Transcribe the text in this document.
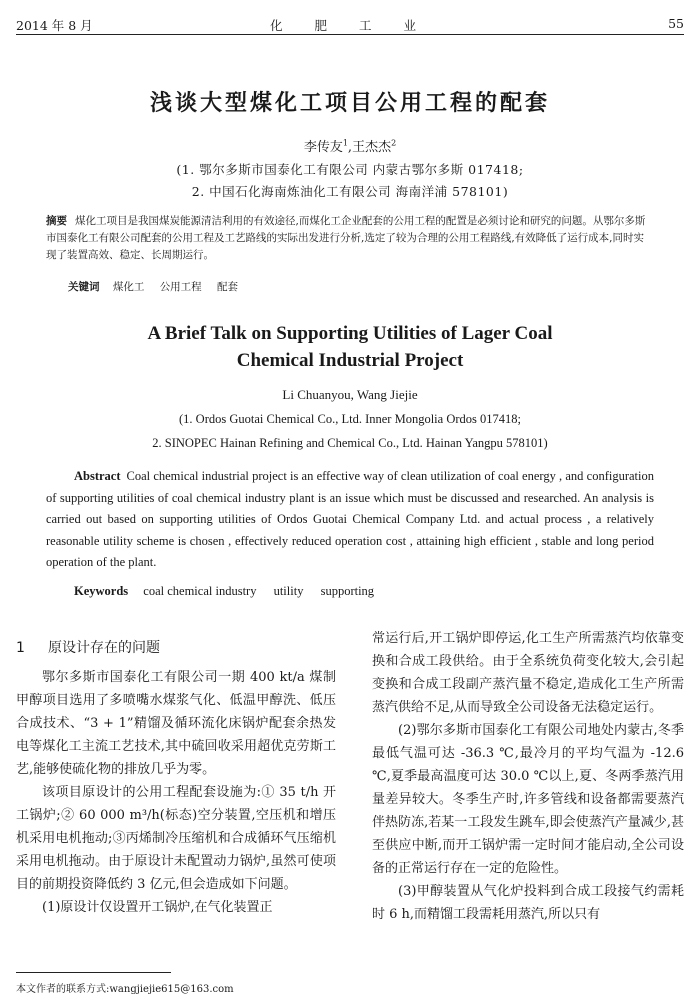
2014 年 8 月	化 肥 工 业	55
浅谈大型煤化工项目公用工程的配套
李传友$^1$,王杰杰$^2$
(1. 鄂尔多斯市国泰化工有限公司 内蒙古鄂尔多斯 017418;
2. 中国石化海南炼油化工有限公司 海南洋浦 578101)
摘要 煤化工项目是我国煤炭能源清洁利用的有效途径,而煤化工企业配套的公用工程的配置是必须讨论和研究的问题。从鄂尔多斯市国泰化工有限公司配套的公用工程及工艺路线的实际出发进行分析,选定了较为合理的公用工程路线,有效降低了运行成本,同时实现了装置高效、稳定、长周期运行。
关键词 煤化工 公用工程 配套
A Brief Talk on Supporting Utilities of Lager Coal
Chemical Industrial Project
Li Chuanyou, Wang Jiejie
(1. Ordos Guotai Chemical Co., Ltd. Inner Mongolia Ordos 017418;
2. SINOPEC Hainan Refining and Chemical Co., Ltd. Hainan Yangpu 578101)
Abstract Coal chemical industrial project is an effective way of clean utilization of coal energy , and configuration of supporting utilities of coal chemical industry plant is an issue which must be discussed and researched. An analysis is carried out based on supporting utilities of Ordos Guotai Chemical Company Ltd. and actual process , a relatively reasonable utility scheme is chosen , effectively reduced operation cost , attaining high efficient , stable and long period operation of the plant.
Keywords coal chemical industry utility supporting
1 原设计存在的问题

鄂尔多斯市国泰化工有限公司一期 400 kt/a 煤制甲醇项目选用了多喷嘴水煤浆气化、低温甲醇洗、低压合成技术、“3 + 1”精馏及循环流化床锅炉配套余热发电等煤化工主流工艺技术,其中硫回收采用超优克劳斯工艺,能够使硫化物的排放几乎为零。

该项目原设计的公用工程配套设施为:① 35 t/h 开工锅炉;② 60 000 m³/h(标态)空分装置,空压机和增压机采用电机拖动;③丙烯制冷压缩机和合成循环气压缩机采用电机拖动。由于原设计未配置动力锅炉,虽然可使项目的前期投资降低约 3 亿元,但会造成如下问题。

(1)原设计仅设置开工锅炉,在气化装置正

常运行后,开工锅炉即停运,化工生产所需蒸汽均依靠变换和合成工段供给。由于全系统负荷变化较大,会引起变换和合成工段副产蒸汽量不稳定,造成化工生产所需蒸汽供给不足,从而导致全公司设备无法稳定运行。

(2)鄂尔多斯市国泰化工有限公司地处内蒙古,冬季最低气温可达 -36.3 ℃,最冷月的平均气温为 -12.6 ℃,夏季最高温度可达 30.0 ℃以上,夏、冬两季蒸汽用量差异较大。冬季生产时,许多管线和设备都需要蒸汽伴热防冻,若某一工段发生跳车,即会使蒸汽产量减少,甚至供应中断,而开工锅炉需一定时间才能启动,全公司设备的正常运行存在一定的危险性。

(3)甲醇装置从气化炉投料到合成工段接气约需耗时 6 h,而精馏工段需耗用蒸汽,所以只有

本文作者的联系方式:wangjiejie615@163.com
